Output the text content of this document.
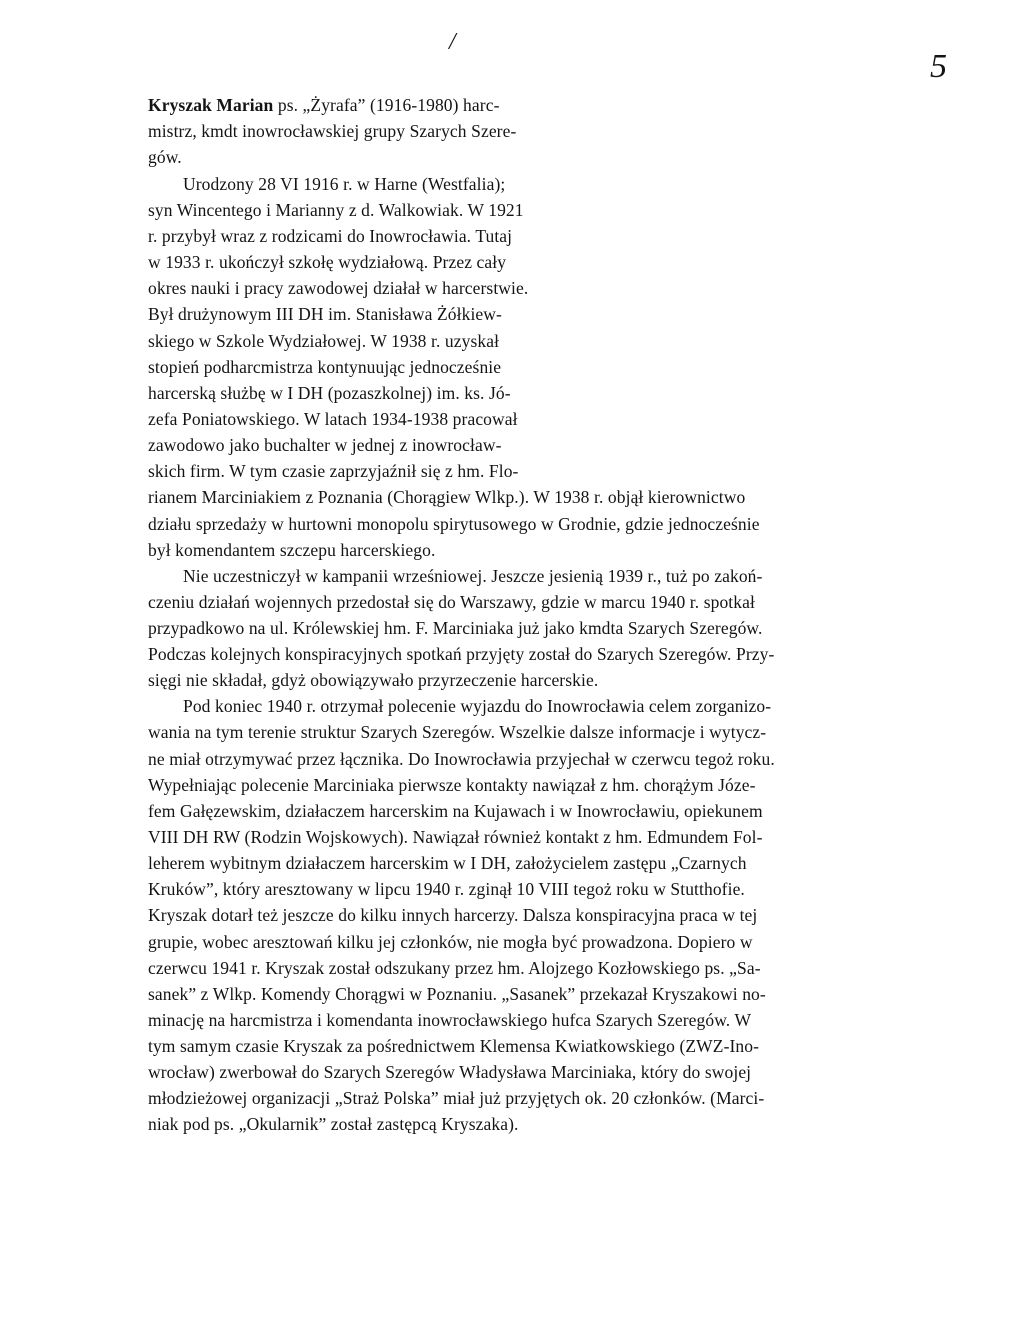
/
5
Kryszak Marian ps. „Żyrafa” (1916-1980) harc-
mistrz, kmdt inowrocławskiej grupy Szarych Szere-
gów.
Urodzony 28 VI 1916 r. w Harne (Westfalia);
syn Wincentego i Marianny z d. Walkowiak. W 1921
r. przybył wraz z rodzicami do Inowrocławia. Tutaj
w 1933 r. ukończył szkołę wydziałową. Przez cały
okres nauki i pracy zawodowej działał w harcerstwie.
Był drużynowym III DH im. Stanisława Żółkiew-
skiego w Szkole Wydziałowej. W 1938 r. uzyskał
stopień podharcmistrza kontynuując jednocześnie
harcerską służbę w I DH (pozaszkolnej) im. ks. Jó-
zefa Poniatowskiego. W latach 1934-1938 pracował
zawodowo jako buchalter w jednej z inowrocław-
skich firm. W tym czasie zaprzyjaźnił się z hm. Flo-
rianem Marciniakiem z Poznania (Chorągiew Wlkp.). W 1938 r. objął kierownictwo
działu sprzedaży w hurtowni monopolu spirytusowego w Grodnie, gdzie jednocześnie
był komendantem szczepu harcerskiego.
Nie uczestniczył w kampanii wrześniowej. Jeszcze jesienią 1939 r., tuż po zakoń-
czeniu działań wojennych przedostał się do Warszawy, gdzie w marcu 1940 r. spotkał
przypadkowo na ul. Królewskiej hm. F. Marciniaka już jako kmdta Szarych Szeregów.
Podczas kolejnych konspiracyjnych spotkań przyjęty został do Szarych Szeregów. Przy-
sięgi nie składał, gdyż obowiązywało przyrzeczenie harcerskie.
Pod koniec 1940 r. otrzymał polecenie wyjazdu do Inowrocławia celem zorganizo-
wania na tym terenie struktur Szarych Szeregów. Wszelkie dalsze informacje i wytycz-
ne miał otrzymywać przez łącznika. Do Inowrocławia przyjechał w czerwcu tegoż roku.
Wypełniając polecenie Marciniaka pierwsze kontakty nawiązał z hm. chorążym Józe-
fem Gałęzewskim, działaczem harcerskim na Kujawach i w Inowrocławiu, opiekunem
VIII DH RW (Rodzin Wojskowych). Nawiązał również kontakt z hm. Edmundem Fol-
leherem wybitnym działaczem harcerskim w I DH, założycielem zastępu „Czarnych
Kruków”, który aresztowany w lipcu 1940 r. zginął 10 VIII tegoż roku w Stutthofie.
Kryszak dotarł też jeszcze do kilku innych harcerzy. Dalsza konspiracyjna praca w tej
grupie, wobec aresztowań kilku jej członków, nie mogła być prowadzona. Dopiero w
czerwcu 1941 r. Kryszak został odszukany przez hm. Alojzego Kozłowskiego ps. „Sa-
sanek” z Wlkp. Komendy Chorągwi w Poznaniu. „Sasanek” przekazał Kryszakowi no-
minację na harcmistrza i komendanta inowrocławskiego hufca Szarych Szeregów. W
tym samym czasie Kryszak za pośrednictwem Klemensa Kwiatkowskiego (ZWZ-Ino-
wrocław) zwerbował do Szarych Szeregów Władysława Marciniaka, który do swojej
młodzieżowej organizacji „Straż Polska” miał już przyjętych ok. 20 członków. (Marci-
niak pod ps. „Okularnik” został zastępcą Kryszaka).
